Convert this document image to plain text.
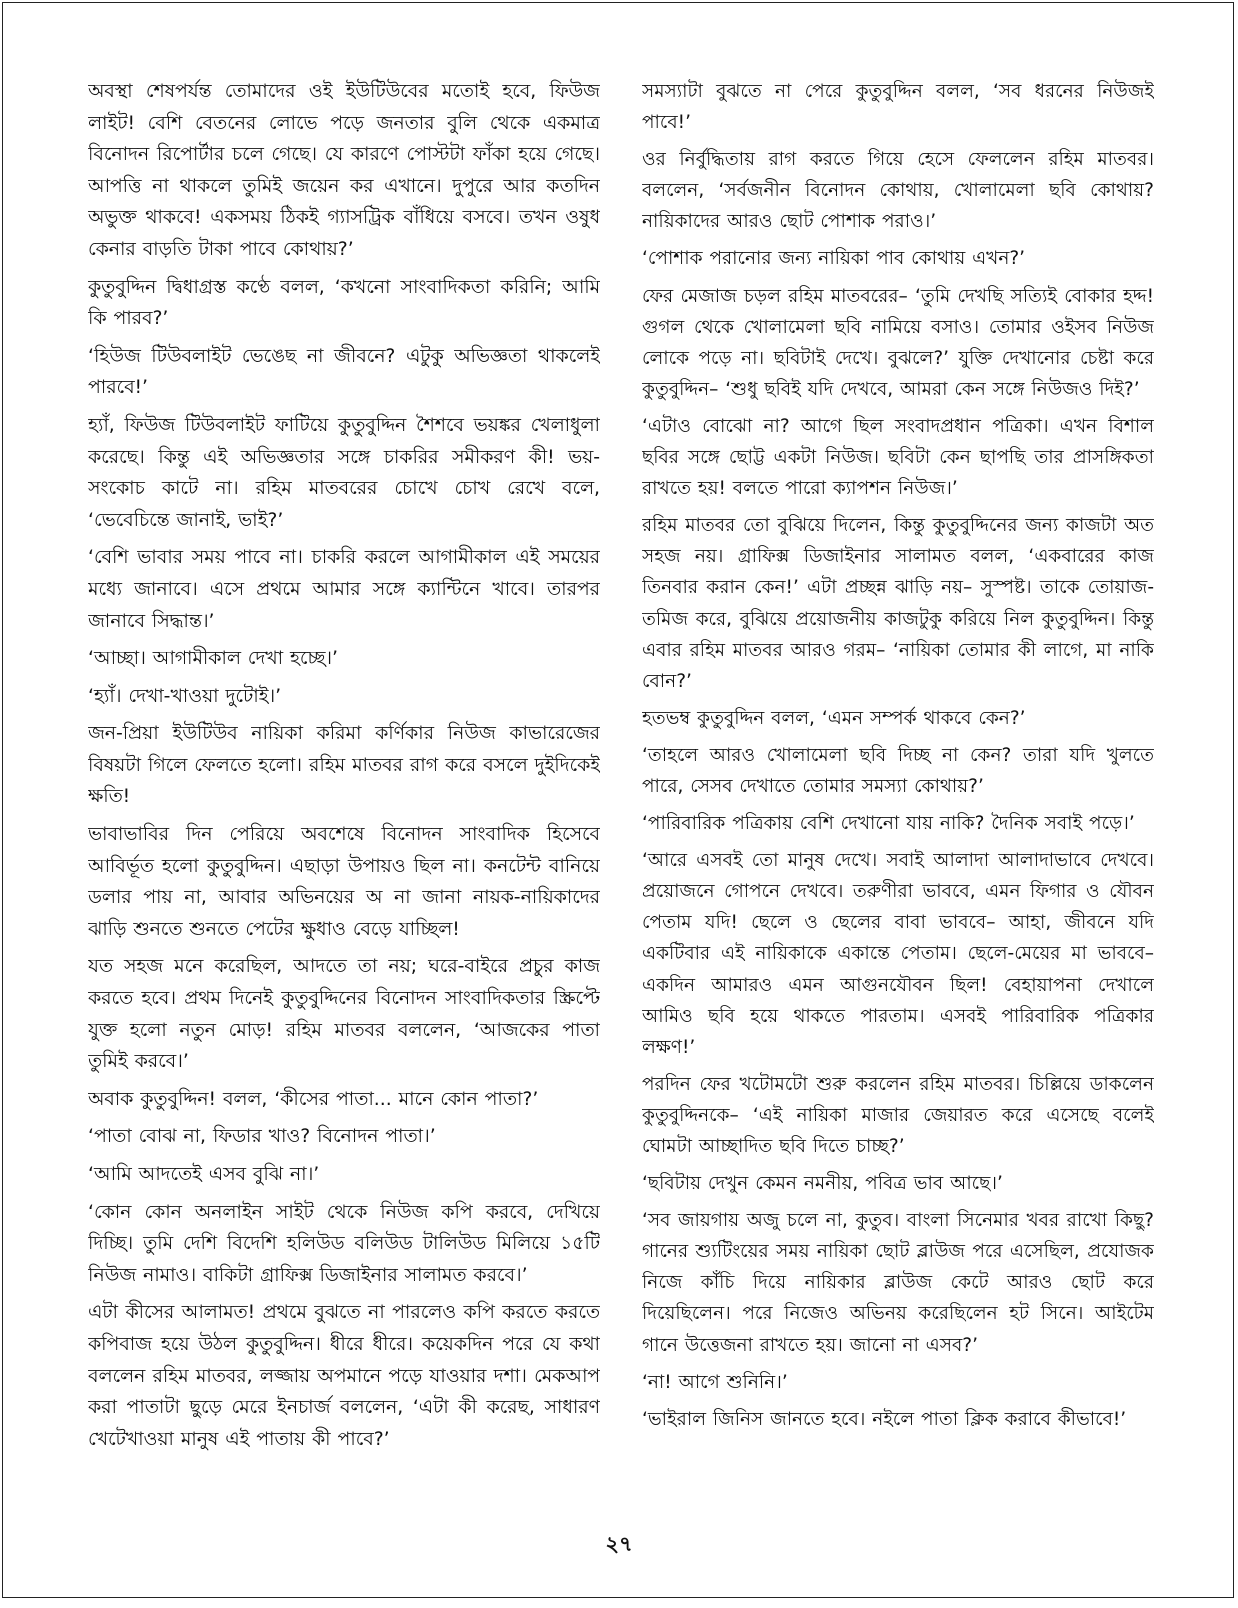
অবস্থা শেষপর্যন্ত তোমাদের ওই ইউটিউবের মতোই হবে, ফিউজ লাইট! বেশি বেতনের লোভে পড়ে জনতার বুলি থেকে একমাত্র বিনোদন রিপোর্টার চলে গেছে। যে কারণে পোস্টটা ফাঁকা হয়ে গেছে। আপত্তি না থাকলে তুমিই জয়েন কর এখানে। দুপুরে আর কতদিন অভুক্ত থাকবে! একসময় ঠিকই গ্যাসট্রিক বাঁধিয়ে বসবে। তখন ওষুধ কেনার বাড়তি টাকা পাবে কোথায়?’

কুতুবুদ্দিন দ্বিধাগ্রস্ত কণ্ঠে বলল, ‘কখনো সাংবাদিকতা করিনি; আমি কি পারব?’

‘হিউজ টিউবলাইট ভেঙেছ না জীবনে? এটুকু অভিজ্ঞতা থাকলেই পারবে!’

হ্যাঁ, ফিউজ টিউবলাইট ফাটিয়ে কুতুবুদ্দিন শৈশবে ভয়ঙ্কর খেলাধুলা করেছে। কিন্তু এই অভিজ্ঞতার সঙ্গে চাকরির সমীকরণ কী! ভয়-সংকোচ কাটে না। রহিম মাতবরের চোখে চোখ রেখে বলে, ‘ভেবেচিন্তে জানাই, ভাই?’

‘বেশি ভাবার সময় পাবে না। চাকরি করলে আগামীকাল এই সময়ের মধ্যে জানাবে। এসে প্রথমে আমার সঙ্গে ক্যান্টিনে খাবে। তারপর জানাবে সিদ্ধান্ত।’

‘আচ্ছা। আগামীকাল দেখা হচ্ছে।’

‘হ্যাঁ। দেখা-খাওয়া দুটোই।’

জন-প্রিয়া ইউটিউব নায়িকা করিমা কর্ণিকার নিউজ কাভারেজের বিষয়টা গিলে ফেলতে হলো। রহিম মাতবর রাগ করে বসলে দুইদিকেই ক্ষতি!

ভাবাভাবির দিন পেরিয়ে অবশেষে বিনোদন সাংবাদিক হিসেবে আবির্ভূত হলো কুতুবুদ্দিন। এছাড়া উপায়ও ছিল না। কনটেন্ট বানিয়ে ডলার পায় না, আবার অভিনয়ের অ না জানা নায়ক-নায়িকাদের ঝাড়ি শুনতে শুনতে পেটের ক্ষুধাও বেড়ে যাচ্ছিল!

যত সহজ মনে করেছিল, আদতে তা নয়; ঘরে-বাইরে প্রচুর কাজ করতে হবে। প্রথম দিনেই কুতুবুদ্দিনের বিনোদন সাংবাদিকতার স্ক্রিপ্টে যুক্ত হলো নতুন মোড়! রহিম মাতবর বললেন, ‘আজকের পাতা তুমিই করবে।’

অবাক কুতুবুদ্দিন! বলল, ‘কীসের পাতা... মানে কোন পাতা?’

‘পাতা বোঝ না, ফিডার খাও? বিনোদন পাতা।’

‘আমি আদতেই এসব বুঝি না।’

‘কোন কোন অনলাইন সাইট থেকে নিউজ কপি করবে, দেখিয়ে দিচ্ছি। তুমি দেশি বিদেশি হলিউড বলিউড টালিউড মিলিয়ে ১৫টি নিউজ নামাও। বাকিটা গ্রাফিক্স ডিজাইনার সালামত করবে।’

এটা কীসের আলামত! প্রথমে বুঝতে না পারলেও কপি করতে করতে কপিবাজ হয়ে উঠল কুতুবুদ্দিন। ধীরে ধীরে। কয়েকদিন পরে যে কথা বললেন রহিম মাতবর, লজ্জায় অপমানে পড়ে যাওয়ার দশা। মেকআপ করা পাতাটা ছুড়ে মেরে ইনচার্জ বললেন, ‘এটা কী করেছ, সাধারণ খেটেখাওয়া মানুষ এই পাতায় কী পাবে?’

সমস্যাটা বুঝতে না পেরে কুতুবুদ্দিন বলল, ‘সব ধরনের নিউজই পাবে!’

ওর নির্বুদ্ধিতায় রাগ করতে গিয়ে হেসে ফেললেন রহিম মাতবর। বললেন, ‘সর্বজনীন বিনোদন কোথায়, খোলামেলা ছবি কোথায়? নায়িকাদের আরও ছোট পোশাক পরাও।’

‘পোশাক পরানোর জন্য নায়িকা পাব কোথায় এখন?’

ফের মেজাজ চড়ল রহিম মাতবরের– ‘তুমি দেখছি সত্যিই বোকার হদ্দ! গুগল থেকে খোলামেলা ছবি নামিয়ে বসাও। তোমার ওইসব নিউজ লোকে পড়ে না। ছবিটাই দেখে। বুঝলে?’ যুক্তি দেখানোর চেষ্টা করে কুতুবুদ্দিন– ‘শুধু ছবিই যদি দেখবে, আমরা কেন সঙ্গে নিউজও দিই?’

‘এটাও বোঝো না? আগে ছিল সংবাদপ্রধান পত্রিকা। এখন বিশাল ছবির সঙ্গে ছোট্ট একটা নিউজ। ছবিটা কেন ছাপছি তার প্রাসঙ্গিকতা রাখতে হয়! বলতে পারো ক্যাপশন নিউজ।’

রহিম মাতবর তো বুঝিয়ে দিলেন, কিন্তু কুতুবুদ্দিনের জন্য কাজটা অত সহজ নয়। গ্রাফিক্স ডিজাইনার সালামত বলল, ‘একবারের কাজ তিনবার করান কেন!’ এটা প্রচ্ছন্ন ঝাড়ি নয়– সুস্পষ্ট। তাকে তোয়াজ-তমিজ করে, বুঝিয়ে প্রয়োজনীয় কাজটুকু করিয়ে নিল কুতুবুদ্দিন। কিন্তু এবার রহিম মাতবর আরও গরম– ‘নায়িকা তোমার কী লাগে, মা নাকি বোন?’

হতভম্ব কুতুবুদ্দিন বলল, ‘এমন সম্পর্ক থাকবে কেন?’

‘তাহলে আরও খোলামেলা ছবি দিচ্ছ না কেন? তারা যদি খুলতে পারে, সেসব দেখাতে তোমার সমস্যা কোথায়?’

‘পারিবারিক পত্রিকায় বেশি দেখানো যায় নাকি? দৈনিক সবাই পড়ে।’

‘আরে এসবই তো মানুষ দেখে। সবাই আলাদা আলাদাভাবে দেখবে। প্রয়োজনে গোপনে দেখবে। তরুণীরা ভাববে, এমন ফিগার ও যৌবন পেতাম যদি! ছেলে ও ছেলের বাবা ভাববে– আহা, জীবনে যদি একটিবার এই নায়িকাকে একান্তে পেতাম। ছেলে-মেয়ের মা ভাববে– একদিন আমারও এমন আগুনযৌবন ছিল! বেহায়াপনা দেখালে আমিও ছবি হয়ে থাকতে পারতাম। এসবই পারিবারিক পত্রিকার লক্ষণ!’

পরদিন ফের খটোমটো শুরু করলেন রহিম মাতবর। চিল্লিয়ে ডাকলেন কুতুবুদ্দিনকে– ‘এই নায়িকা মাজার জেয়ারত করে এসেছে বলেই ঘোমটা আচ্ছাদিত ছবি দিতে চাচ্ছ?’

‘ছবিটায় দেখুন কেমন নমনীয়, পবিত্র ভাব আছে।’

‘সব জায়গায় অজু চলে না, কুতুব। বাংলা সিনেমার খবর রাখো কিছু? গানের শ্যুটিংয়ের সময় নায়িকা ছোট ব্লাউজ পরে এসেছিল, প্রযোজক নিজে কাঁচি দিয়ে নায়িকার ব্লাউজ কেটে আরও ছোট করে দিয়েছিলেন। পরে নিজেও অভিনয় করেছিলেন হট সিনে। আইটেম গানে উত্তেজনা রাখতে হয়। জানো না এসব?’

‘না! আগে শুনিনি।’

‘ভাইরাল জিনিস জানতে হবে। নইলে পাতা ক্লিক করাবে কীভাবে!’

২৭
